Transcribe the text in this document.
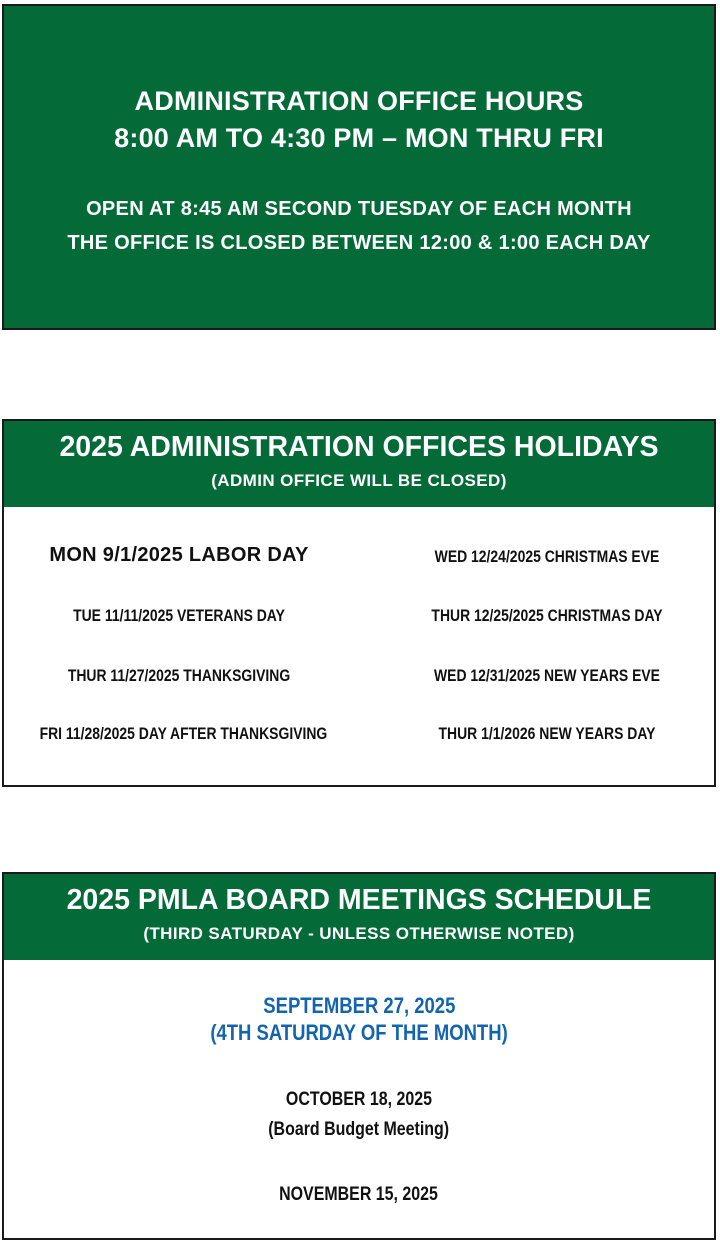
ADMINISTRATION OFFICE HOURS
8:00 AM TO 4:30 PM – MON THRU FRI
OPEN AT 8:45 AM SECOND TUESDAY OF EACH MONTH
THE OFFICE IS CLOSED BETWEEN 12:00 & 1:00 EACH DAY
2025 ADMINISTRATION OFFICES HOLIDAYS
(ADMIN OFFICE WILL BE CLOSED)
MON 9/1/2025 LABOR DAY
TUE 11/11/2025 VETERANS DAY
THUR 11/27/2025 THANKSGIVING
FRI 11/28/2025 DAY AFTER THANKSGIVING
WED 12/24/2025 CHRISTMAS EVE
THUR 12/25/2025 CHRISTMAS DAY
WED 12/31/2025 NEW YEARS EVE
THUR 1/1/2026 NEW YEARS DAY
2025 PMLA BOARD MEETINGS SCHEDULE
(THIRD SATURDAY - UNLESS OTHERWISE NOTED)
SEPTEMBER 27, 2025
(4TH SATURDAY OF THE MONTH)
OCTOBER 18, 2025
(Board Budget Meeting)
NOVEMBER 15, 2025
